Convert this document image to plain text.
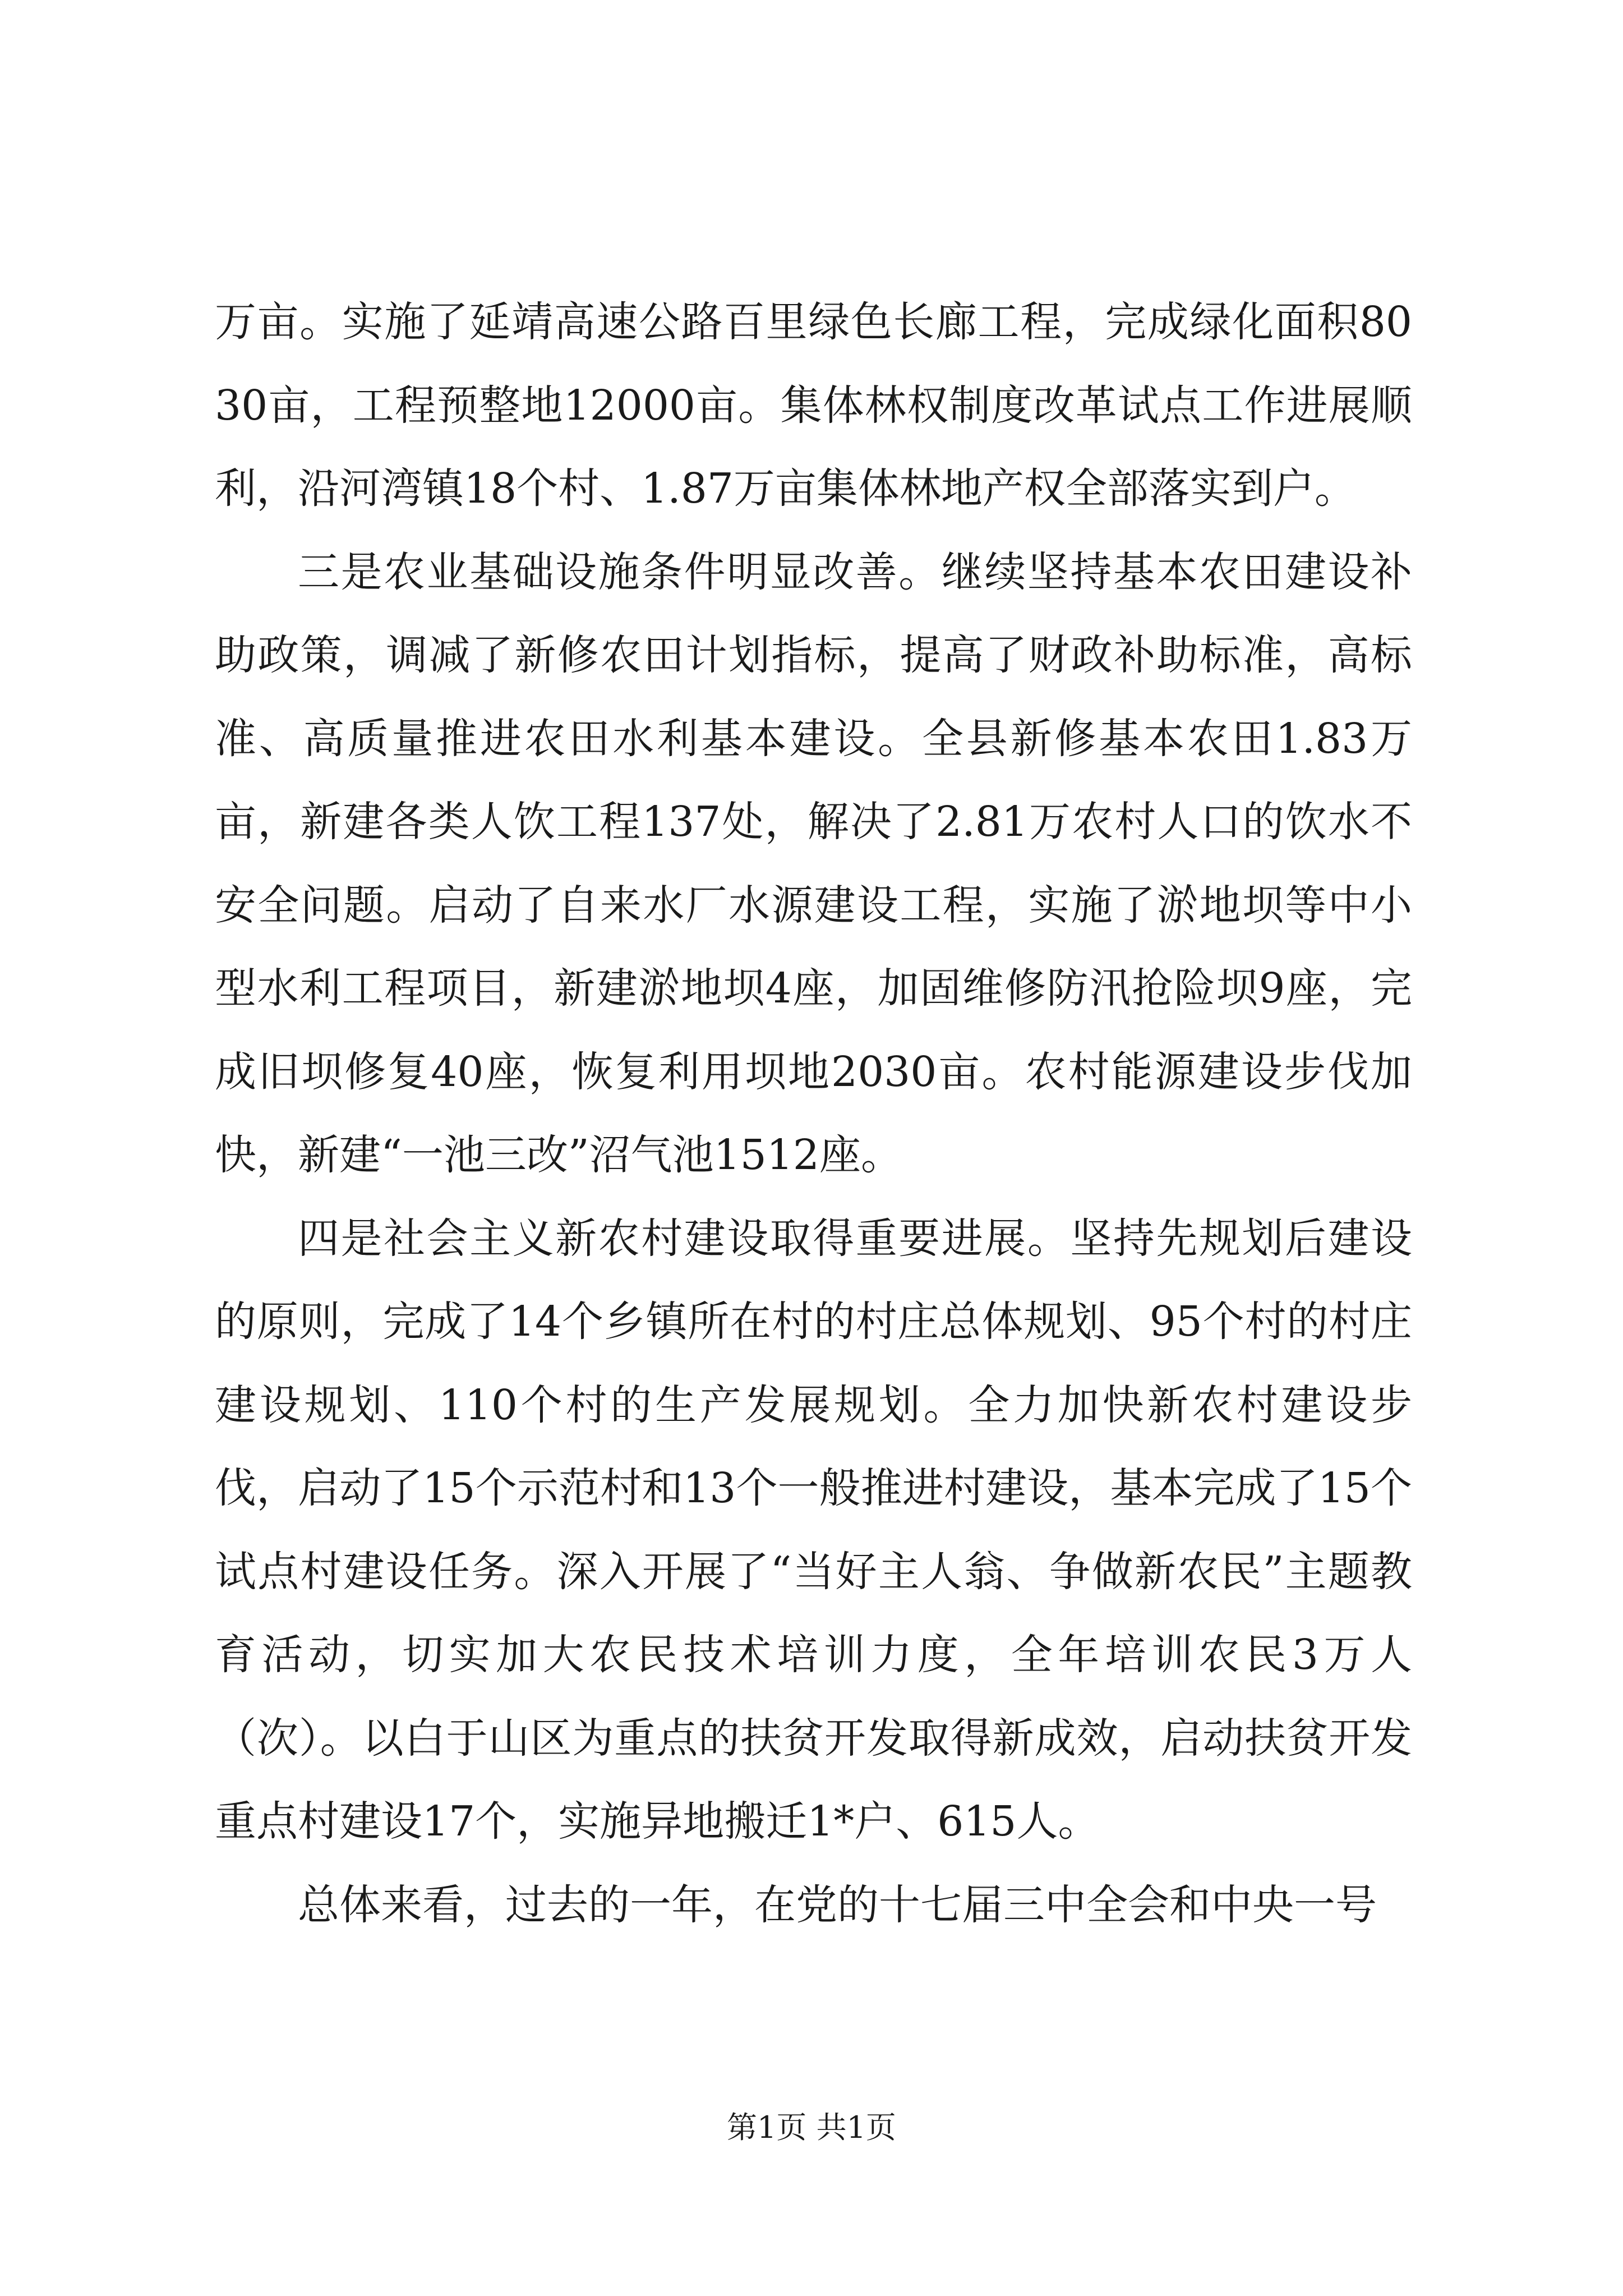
万亩。实施了延靖高速公路百里绿色长廊工程，完成绿化面积8030亩，工程预整地12000亩。集体林权制度改革试点工作进展顺利，沿河湾镇18个村、1.87万亩集体林地产权全部落实到户。

三是农业基础设施条件明显改善。继续坚持基本农田建设补助政策，调减了新修农田计划指标，提高了财政补助标准，高标准、高质量推进农田水利基本建设。全县新修基本农田1.83万亩，新建各类人饮工程137处，解决了2.81万农村人口的饮水不安全问题。启动了自来水厂水源建设工程，实施了淤地坝等中小型水利工程项目，新建淤地坝4座，加固维修防汛抢险坝9座，完成旧坝修复40座，恢复利用坝地2030亩。农村能源建设步伐加快，新建“一池三改”沼气池1512座。

四是社会主义新农村建设取得重要进展。坚持先规划后建设的原则，完成了14个乡镇所在村的村庄总体规划、95个村的村庄建设规划、110个村的生产发展规划。全力加快新农村建设步伐，启动了15个示范村和13个一般推进村建设，基本完成了15个试点村建设任务。深入开展了“当好主人翁、争做新农民”主题教育活动，切实加大农民技术培训力度，全年培训农民3万人（次）。以白于山区为重点的扶贫开发取得新成效，启动扶贫开发重点村建设17个，实施异地搬迁1*户、615人。

总体来看，过去的一年，在党的十七届三中全会和中央一号

第1页 共1页
